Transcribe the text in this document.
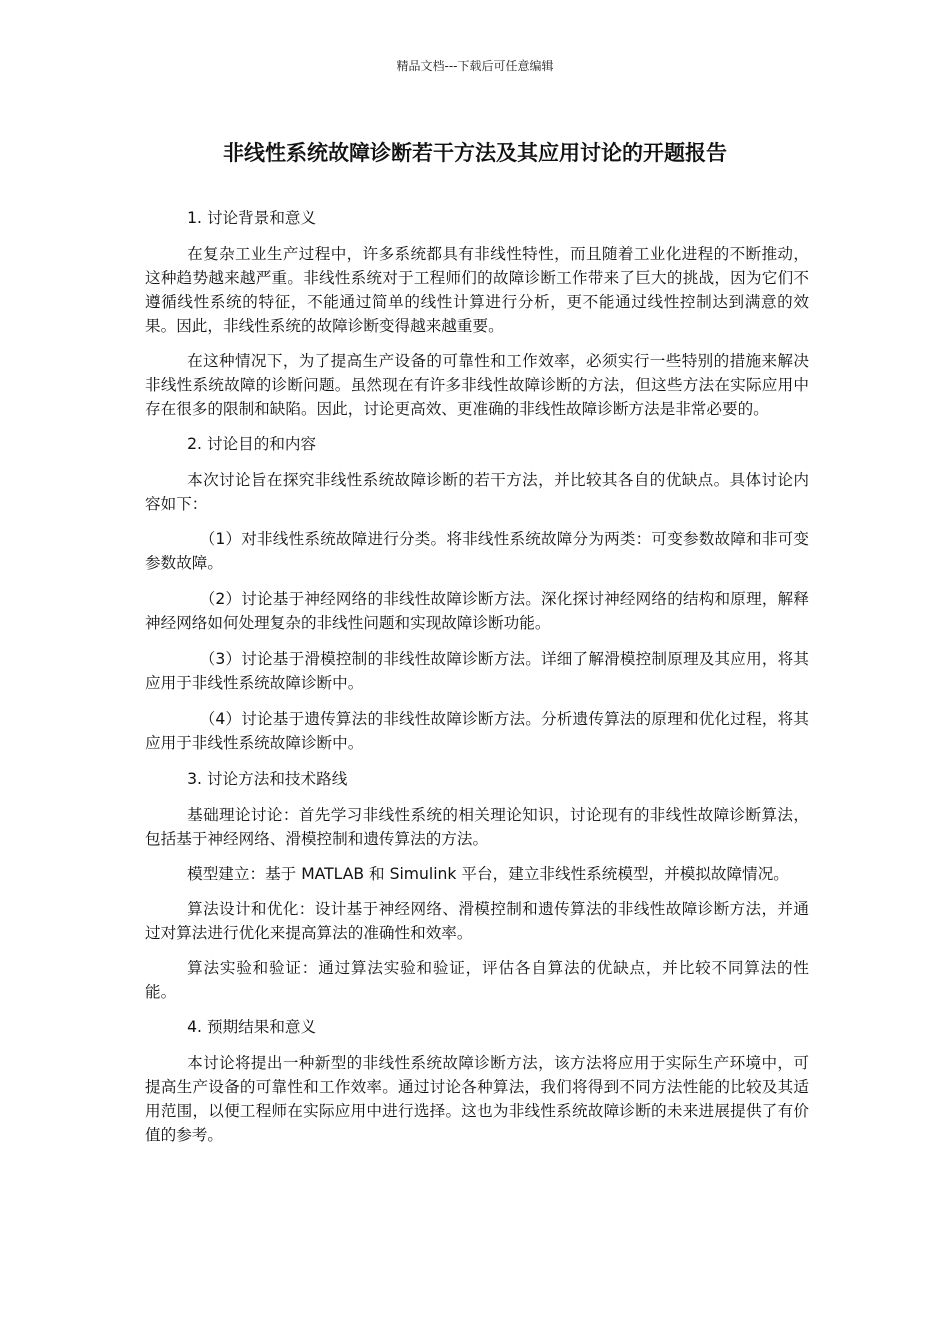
精品文档---下载后可任意编辑
非线性系统故障诊断若干方法及其应用讨论的开题报告

1. 讨论背景和意义

在复杂工业生产过程中，许多系统都具有非线性特性，而且随着工业化进程的不断推动，这种趋势越来越严重。非线性系统对于工程师们的故障诊断工作带来了巨大的挑战，因为它们不遵循线性系统的特征，不能通过简单的线性计算进行分析，更不能通过线性控制达到满意的效果。因此，非线性系统的故障诊断变得越来越重要。

在这种情况下，为了提高生产设备的可靠性和工作效率，必须实行一些特别的措施来解决非线性系统故障的诊断问题。虽然现在有许多非线性故障诊断的方法，但这些方法在实际应用中存在很多的限制和缺陷。因此，讨论更高效、更准确的非线性故障诊断方法是非常必要的。

2. 讨论目的和内容

本次讨论旨在探究非线性系统故障诊断的若干方法，并比较其各自的优缺点。具体讨论内容如下：

（1）对非线性系统故障进行分类。将非线性系统故障分为两类：可变参数故障和非可变参数故障。

（2）讨论基于神经网络的非线性故障诊断方法。深化探讨神经网络的结构和原理，解释神经网络如何处理复杂的非线性问题和实现故障诊断功能。

（3）讨论基于滑模控制的非线性故障诊断方法。详细了解滑模控制原理及其应用，将其应用于非线性系统故障诊断中。

（4）讨论基于遗传算法的非线性故障诊断方法。分析遗传算法的原理和优化过程，将其应用于非线性系统故障诊断中。

3. 讨论方法和技术路线

基础理论讨论：首先学习非线性系统的相关理论知识，讨论现有的非线性故障诊断算法，包括基于神经网络、滑模控制和遗传算法的方法。

模型建立：基于 MATLAB 和 Simulink 平台，建立非线性系统模型，并模拟故障情况。

算法设计和优化：设计基于神经网络、滑模控制和遗传算法的非线性故障诊断方法，并通过对算法进行优化来提高算法的准确性和效率。

算法实验和验证：通过算法实验和验证，评估各自算法的优缺点，并比较不同算法的性能。

4. 预期结果和意义

本讨论将提出一种新型的非线性系统故障诊断方法，该方法将应用于实际生产环境中，可提高生产设备的可靠性和工作效率。通过讨论各种算法，我们将得到不同方法性能的比较及其适用范围，以便工程师在实际应用中进行选择。这也为非线性系统故障诊断的未来进展提供了有价值的参考。
